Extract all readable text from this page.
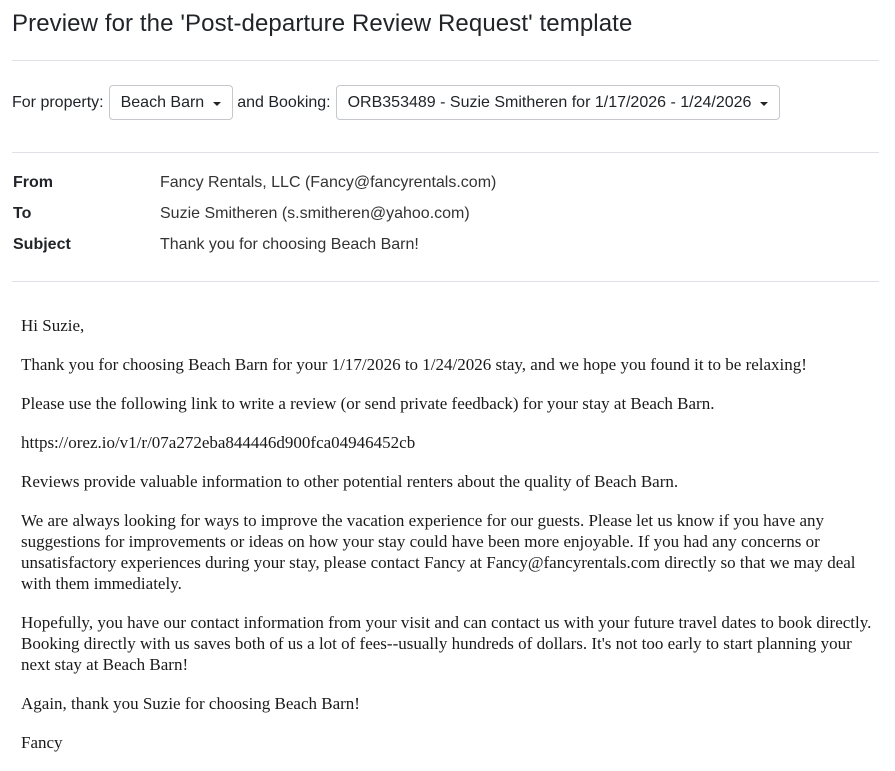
Preview for the 'Post-departure Review Request' template
For property: Beach Barn and Booking: ORB353489 - Suzie Smitheren for 1/17/2026 - 1/24/2026
From	Fancy Rentals, LLC (Fancy@fancyrentals.com)
To	Suzie Smitheren (s.smitheren@yahoo.com)
Subject	Thank you for choosing Beach Barn!

Hi Suzie,

Thank you for choosing Beach Barn for your 1/17/2026 to 1/24/2026 stay, and we hope you found it to be relaxing!

Please use the following link to write a review (or send private feedback) for your stay at Beach Barn.

https://orez.io/v1/r/07a272eba844446d900fca04946452cb

Reviews provide valuable information to other potential renters about the quality of Beach Barn.

We are always looking for ways to improve the vacation experience for our guests. Please let us know if you have any suggestions for improvements or ideas on how your stay could have been more enjoyable. If you had any concerns or unsatisfactory experiences during your stay, please contact Fancy at Fancy@fancyrentals.com directly so that we may deal with them immediately.

Hopefully, you have our contact information from your visit and can contact us with your future travel dates to book directly. Booking directly with us saves both of us a lot of fees--usually hundreds of dollars. It's not too early to start planning your next stay at Beach Barn!

Again, thank you Suzie for choosing Beach Barn!

Fancy
